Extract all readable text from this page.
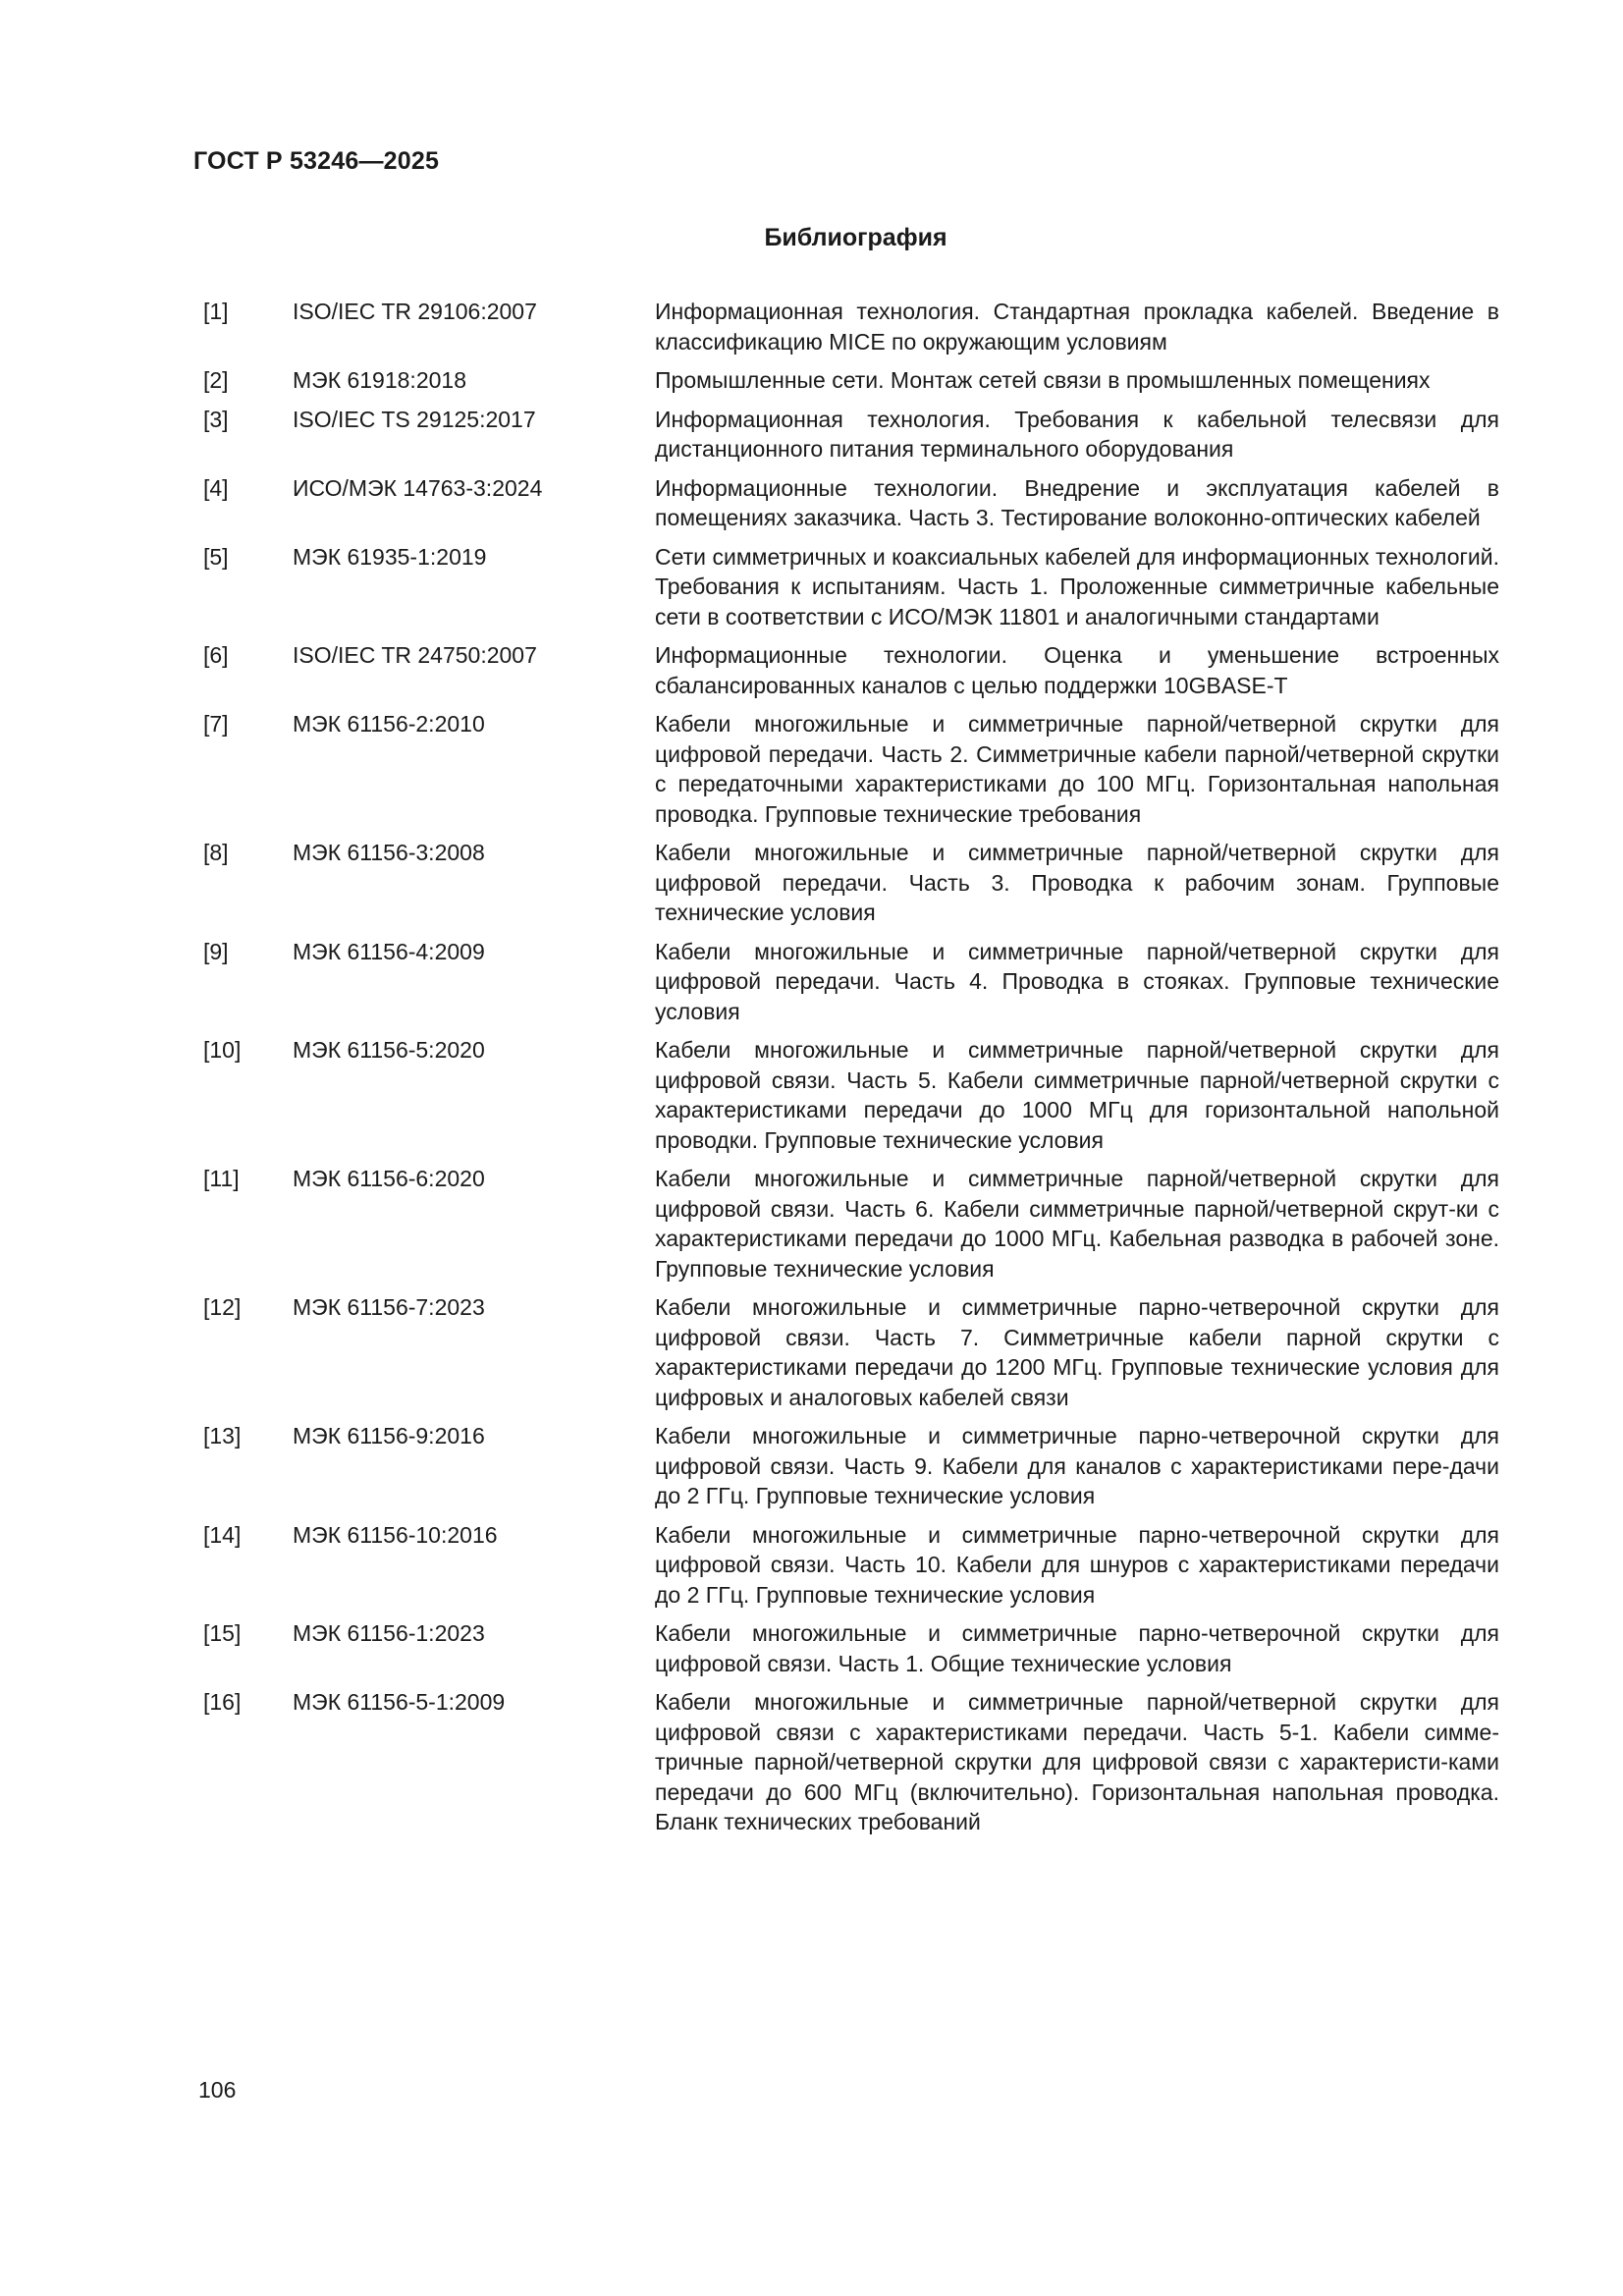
ГОСТ Р 53246—2025
Библиография
[1]	ISO/IEC TR 29106:2007	Информационная технология. Стандартная прокладка кабелей. Введение в классификацию MICE по окружающим условиям
[2]	МЭК 61918:2018	Промышленные сети. Монтаж сетей связи в промышленных помещениях
[3]	ISO/IEC TS 29125:2017	Информационная технология. Требования к кабельной телесвязи для дистанционного питания терминального оборудования
[4]	ИСО/МЭК 14763-3:2024	Информационные технологии. Внедрение и эксплуатация кабелей в помещениях заказчика. Часть 3. Тестирование волоконно-оптических кабелей
[5]	МЭК 61935-1:2019	Сети симметричных и коаксиальных кабелей для информационных технологий. Требования к испытаниям. Часть 1. Проложенные симметричные кабельные сети в соответствии с ИСО/МЭК 11801 и аналогичными стандартами
[6]	ISO/IEC TR 24750:2007	Информационные технологии. Оценка и уменьшение встроенных сбалансированных каналов с целью поддержки 10GBASE-T
[7]	МЭК 61156-2:2010	Кабели многожильные и симметричные парной/четверной скрутки для цифровой передачи. Часть 2. Симметричные кабели парной/четверной скрутки с передаточными характеристиками до 100 МГц. Горизонтальная напольная проводка. Групповые технические требования
[8]	МЭК 61156-3:2008	Кабели многожильные и симметричные парной/четверной скрутки для цифровой передачи. Часть 3. Проводка к рабочим зонам. Групповые технические условия
[9]	МЭК 61156-4:2009	Кабели многожильные и симметричные парной/четверной скрутки для цифровой передачи. Часть 4. Проводка в стояках. Групповые технические условия
[10]	МЭК 61156-5:2020	Кабели многожильные и симметричные парной/четверной скрутки для цифровой связи. Часть 5. Кабели симметричные парной/четверной скрутки с характеристиками передачи до 1000 МГц для горизонтальной напольной проводки. Групповые технические условия
[11]	МЭК 61156-6:2020	Кабели многожильные и симметричные парной/четверной скрутки для цифровой связи. Часть 6. Кабели симметричные парной/четверной скрут-ки с характеристиками передачи до 1000 МГц. Кабельная разводка в рабочей зоне. Групповые технические условия
[12]	МЭК 61156-7:2023	Кабели многожильные и симметричные парно-четверочной скрутки для цифровой связи. Часть 7. Симметричные кабели парной скрутки с характеристиками передачи до 1200 МГц. Групповые технические условия для цифровых и аналоговых кабелей связи
[13]	МЭК 61156-9:2016	Кабели многожильные и симметричные парно-четверочной скрутки для цифровой связи. Часть 9. Кабели для каналов с характеристиками пере-дачи до 2 ГГц. Групповые технические условия
[14]	МЭК 61156-10:2016	Кабели многожильные и симметричные парно-четверочной скрутки для цифровой связи. Часть 10. Кабели для шнуров с характеристиками передачи до 2 ГГц. Групповые технические условия
[15]	МЭК 61156-1:2023	Кабели многожильные и симметричные парно-четверочной скрутки для цифровой связи. Часть 1. Общие технические условия
[16]	МЭК 61156-5-1:2009	Кабели многожильные и симметричные парной/четверной скрутки для цифровой связи с характеристиками передачи. Часть 5-1. Кабели симме-тричные парной/четверной скрутки для цифровой связи с характеристи-ками передачи до 600 МГц (включительно). Горизонтальная напольная проводка. Бланк технических требований
106
